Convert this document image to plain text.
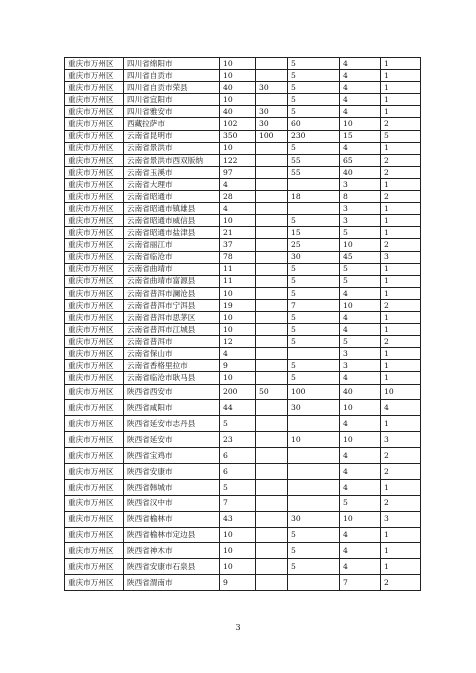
重庆市万州区	四川省绵阳市	10		5	4	1
重庆市万州区	四川省自贡市	10		5	4	1
重庆市万州区	四川省自贡市荣县	40	30	5	4	1
重庆市万州区	四川省宜阳市	10		5	4	1
重庆市万州区	四川省雅安市	40	30	5	4	1
重庆市万州区	西藏拉萨市	102	30	60	10	2
重庆市万州区	云南省昆明市	350	100	230	15	5
重庆市万州区	云南省景洪市	10		5	4	1
重庆市万州区	云南省景洪市西双版纳	122		55	65	2
重庆市万州区	云南省玉溪市	97		55	40	2
重庆市万州区	云南省大理市	4			3	1
重庆市万州区	云南省昭通市	28		18	8	2
重庆市万州区	云南省昭通市镇雄县	4			3	1
重庆市万州区	云南省昭通市威信县	10		5	3	1
重庆市万州区	云南省昭通市盐津县	21		15	5	1
重庆市万州区	云南省丽江市	37		25	10	2
重庆市万州区	云南省临沧市	78		30	45	3
重庆市万州区	云南省曲靖市	11		5	5	1
重庆市万州区	云南省曲靖市富源县	11		5	5	1
重庆市万州区	云南省普洱市澜沧县	10		5	4	1
重庆市万州区	云南省普洱市宁洱县	19		7	10	2
重庆市万州区	云南省普洱市思茅区	10		5	4	1
重庆市万州区	云南省普洱市江城县	10		5	4	1
重庆市万州区	云南省普洱市	12		5	5	2
重庆市万州区	云南省保山市	4			3	1
重庆市万州区	云南省香格里拉市	9		5	3	1
重庆市万州区	云南省临沧市耿马县	10		5	4	1
重庆市万州区	陕西省西安市	200	50	100	40	10
重庆市万州区	陕西省咸阳市	44		30	10	4
重庆市万州区	陕西省延安市志丹县	5			4	1
重庆市万州区	陕西省延安市	23		10	10	3
重庆市万州区	陕西省宝鸡市	6			4	2
重庆市万州区	陕西省安康市	6			4	2
重庆市万州区	陕西省韩城市	5			4	1
重庆市万州区	陕西省汉中市	7			5	2
重庆市万州区	陕西省榆林市	43		30	10	3
重庆市万州区	陕西省榆林市定边县	10		5	4	1
重庆市万州区	陕西省神木市	10		5	4	1
重庆市万州区	陕西省安康市石泉县	10		5	4	1
重庆市万州区	陕西省渭南市	9			7	2
3
